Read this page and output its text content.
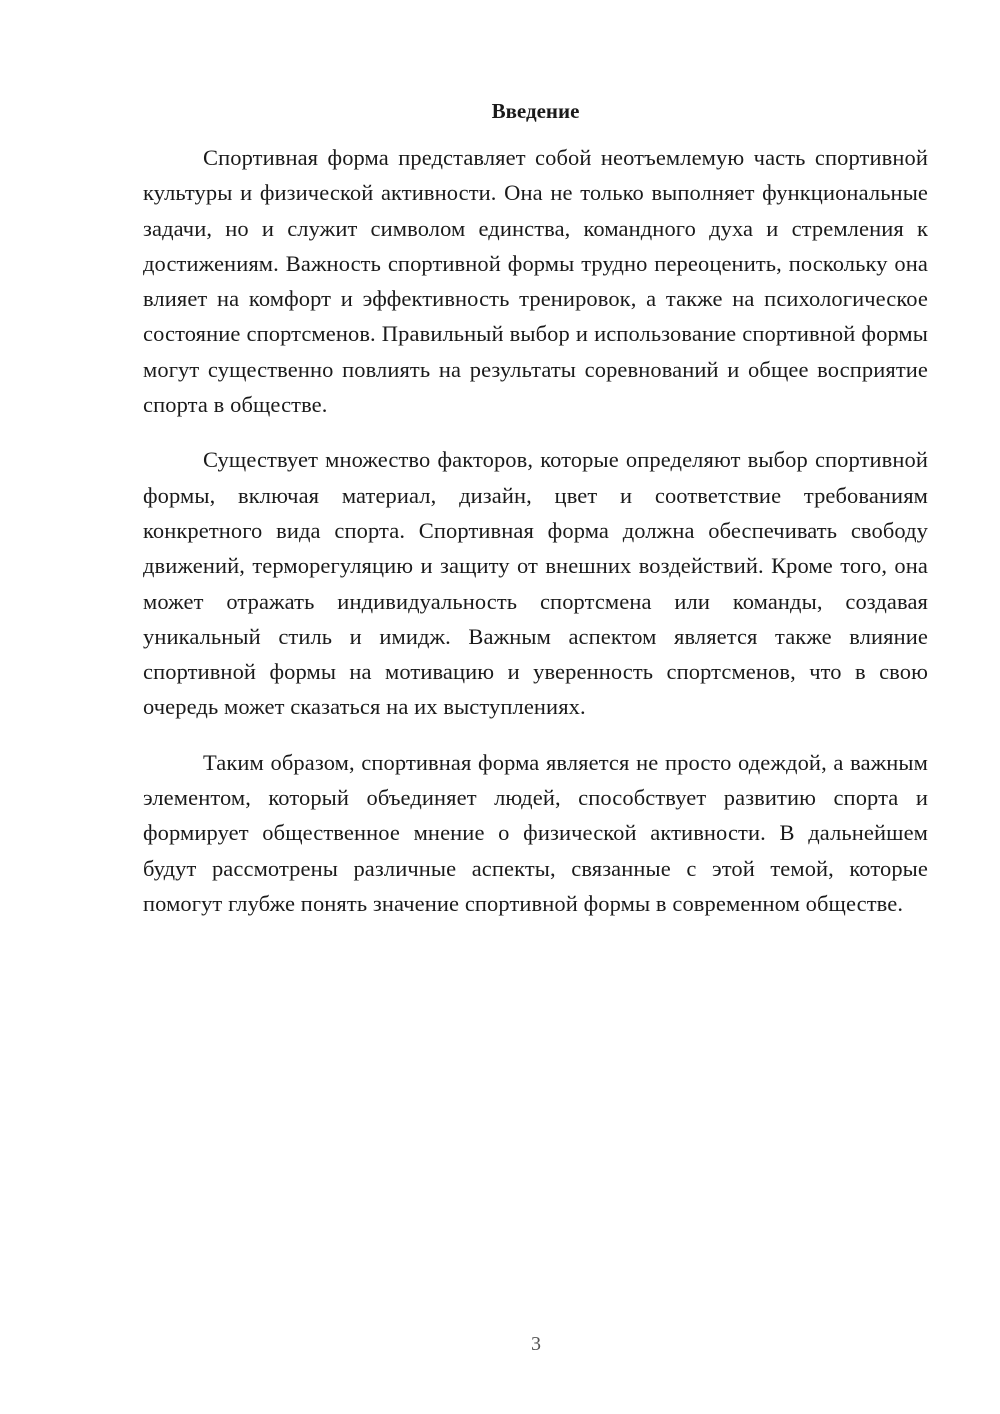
Введение

Спортивная форма представляет собой неотъемлемую часть спортивной культуры и физической активности. Она не только выполняет функциональные задачи, но и служит символом единства, командного духа и стремления к достижениям. Важность спортивной формы трудно переоценить, поскольку она влияет на комфорт и эффективность тренировок, а также на психологическое состояние спортсменов. Правильный выбор и использование спортивной формы могут существенно повлиять на результаты соревнований и общее восприятие спорта в обществе.

Существует множество факторов, которые определяют выбор спортивной формы, включая материал, дизайн, цвет и соответствие требованиям конкретного вида спорта. Спортивная форма должна обеспечивать свободу движений, терморегуляцию и защиту от внешних воздействий. Кроме того, она может отражать индивидуальность спортсмена или команды, создавая уникальный стиль и имидж. Важным аспектом является также влияние спортивной формы на мотивацию и уверенность спортсменов, что в свою очередь может сказаться на их выступлениях.

Таким образом, спортивная форма является не просто одеждой, а важным элементом, который объединяет людей, способствует развитию спорта и формирует общественное мнение о физической активности. В дальнейшем будут рассмотрены различные аспекты, связанные с этой темой, которые помогут глубже понять значение спортивной формы в современном обществе.

3
